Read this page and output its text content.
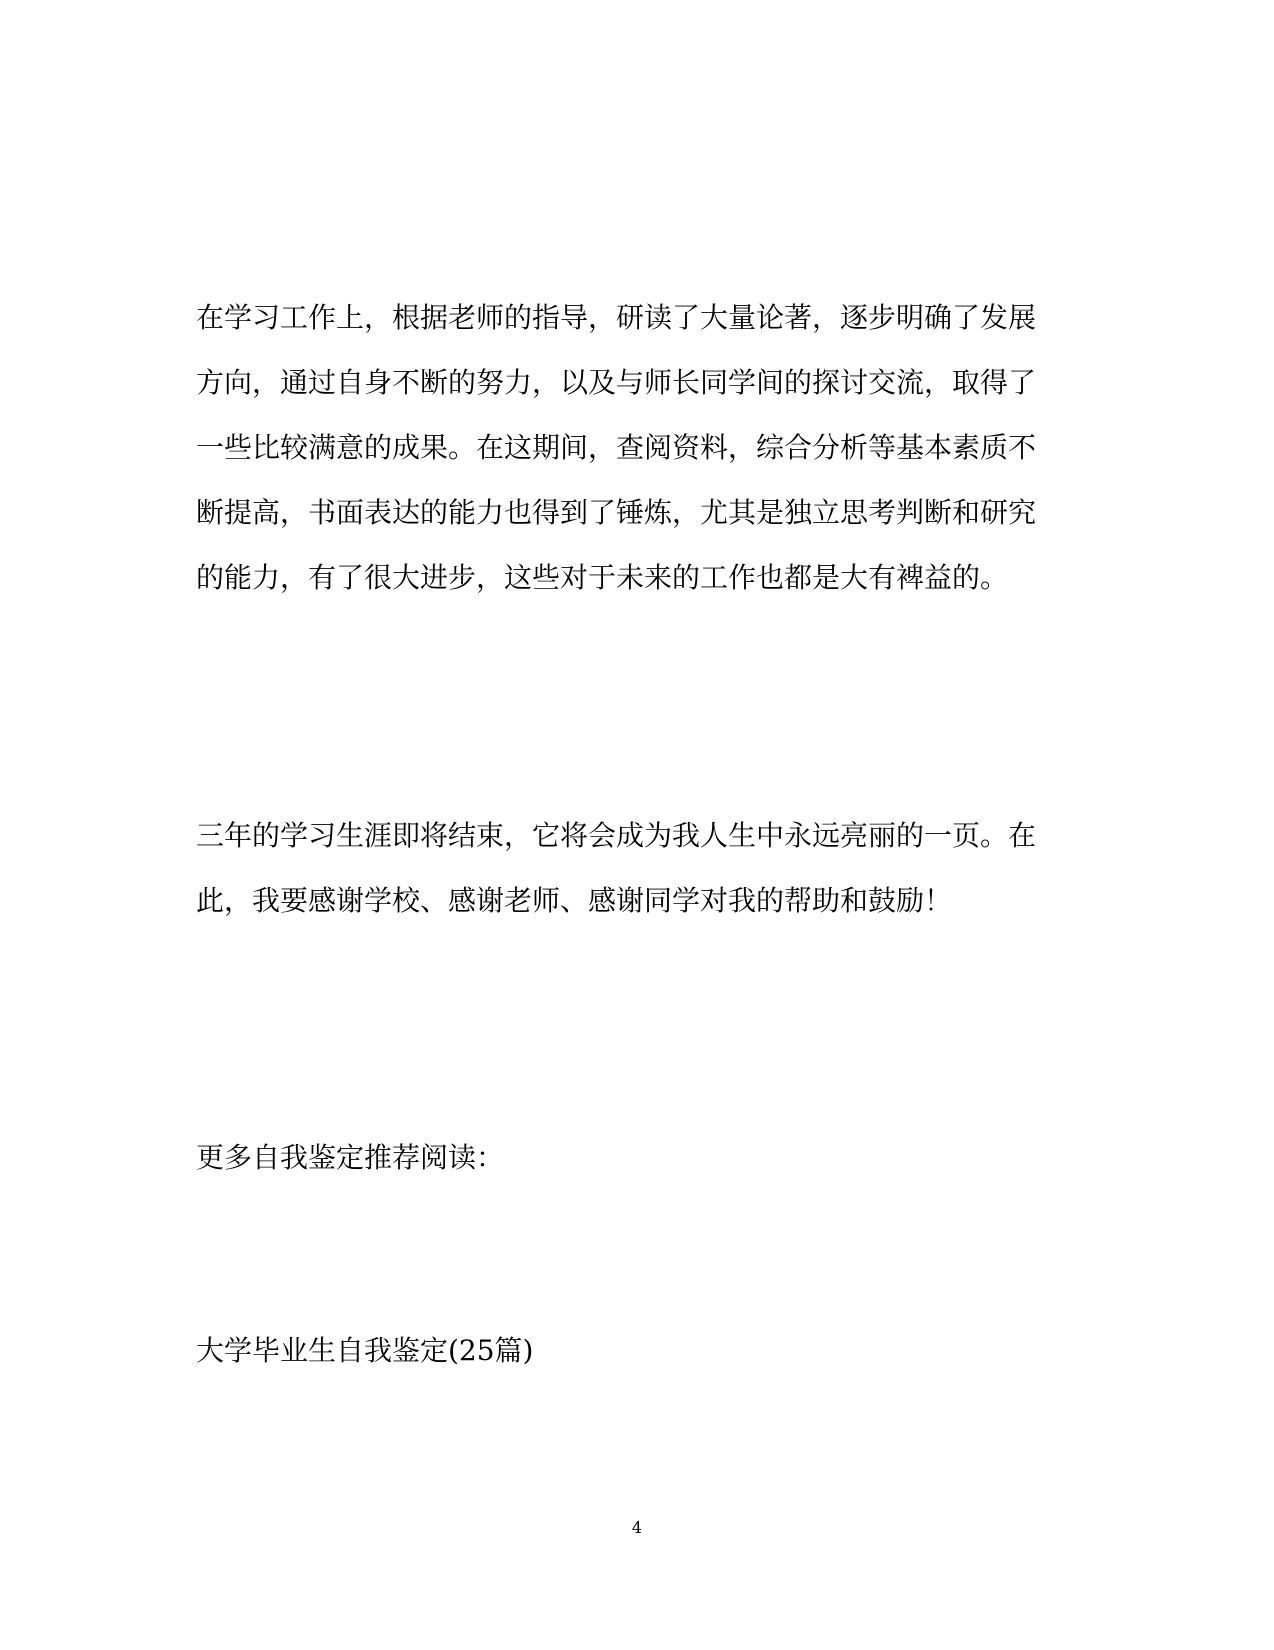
在学习工作上，根据老师的指导，研读了大量论著，逐步明确了发展
方向，通过自身不断的努力，以及与师长同学间的探讨交流，取得了
一些比较满意的成果。在这期间，查阅资料，综合分析等基本素质不
断提高，书面表达的能力也得到了锤炼，尤其是独立思考判断和研究
的能力，有了很大进步，这些对于未来的工作也都是大有裨益的。
三年的学习生涯即将结束，它将会成为我人生中永远亮丽的一页。在
此，我要感谢学校、感谢老师、感谢同学对我的帮助和鼓励！
更多自我鉴定推荐阅读：
大学毕业生自我鉴定(25篇)
4
